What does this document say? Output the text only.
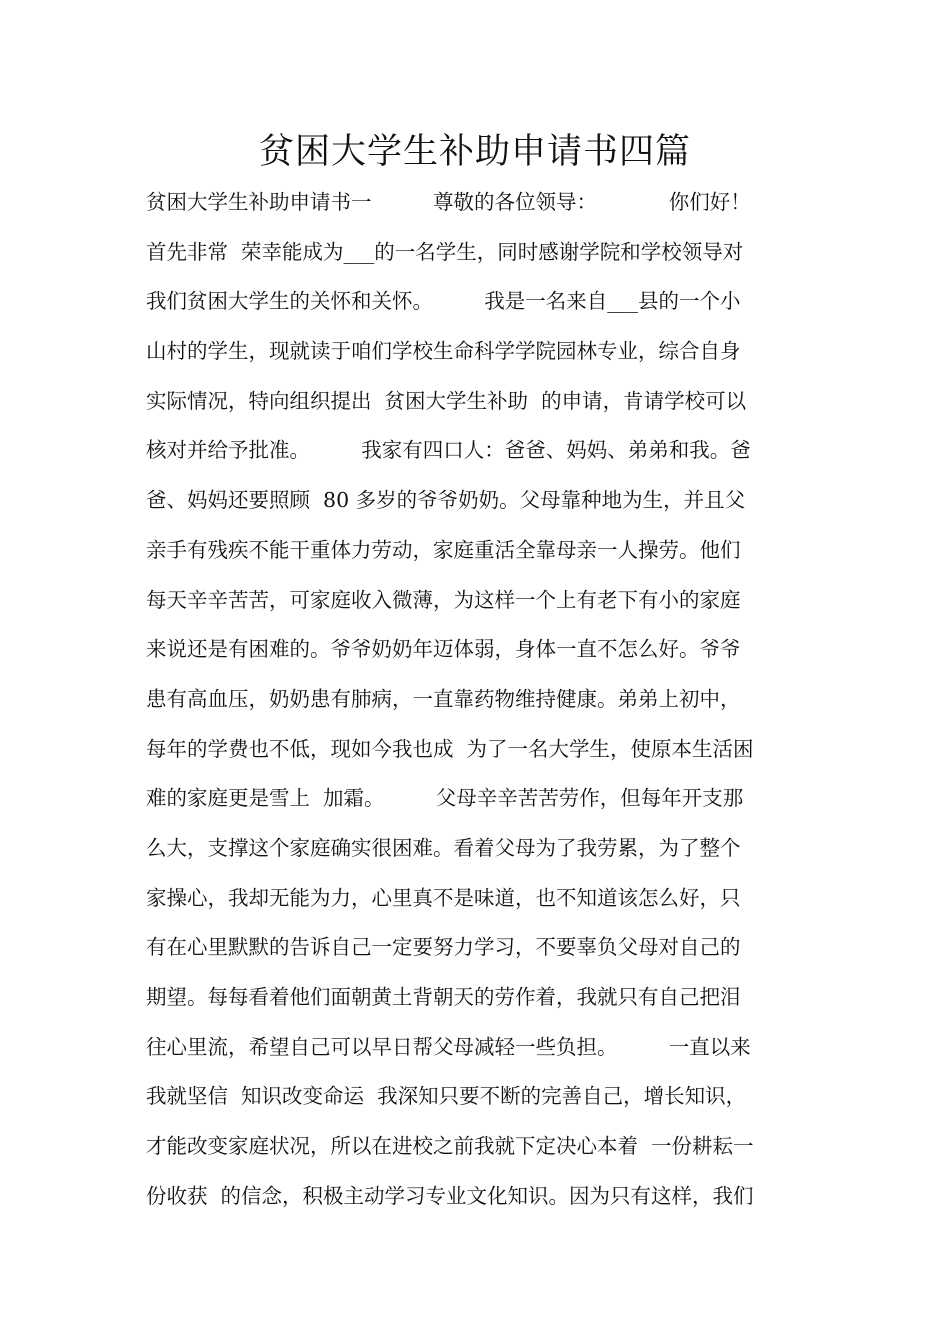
贫困大学生补助申请书四篇
贫困大学生补助申请书一　　　尊敬的各位领导：　　　　你们好！
首先非常  荣幸能成为___的一名学生，同时感谢学院和学校领导对
我们贫困大学生的关怀和关怀。　　　我是一名来自___县的一个小
山村的学生，现就读于咱们学校生命科学学院园林专业，综合自身
实际情况，特向组织提出  贫困大学生补助  的申请，肯请学校可以
核对并给予批准。　　　我家有四口人：爸爸、妈妈、弟弟和我。爸
爸、妈妈还要照顾  80 多岁的爷爷奶奶。父母靠种地为生，并且父
亲手有残疾不能干重体力劳动，家庭重活全靠母亲一人操劳。他们
每天辛辛苦苦，可家庭收入微薄，为这样一个上有老下有小的家庭
来说还是有困难的。爷爷奶奶年迈体弱，身体一直不怎么好。爷爷
患有高血压，奶奶患有肺病，一直靠药物维持健康。弟弟上初中，
每年的学费也不低，现如今我也成  为了一名大学生，使原本生活困
难的家庭更是雪上  加霜。　　　父母辛辛苦苦劳作，但每年开支那
么大，支撑这个家庭确实很困难。看着父母为了我劳累，为了整个
家操心，我却无能为力，心里真不是味道，也不知道该怎么好，只
有在心里默默的告诉自己一定要努力学习，不要辜负父母对自己的
期望。每每看着他们面朝黄土背朝天的劳作着，我就只有自己把泪
往心里流，希望自己可以早日帮父母减轻一些负担。　　　一直以来
我就坚信  知识改变命运  我深知只要不断的完善自己，增长知识，
才能改变家庭状况，所以在进校之前我就下定决心本着  一份耕耘一
份收获  的信念，积极主动学习专业文化知识。因为只有这样，我们
